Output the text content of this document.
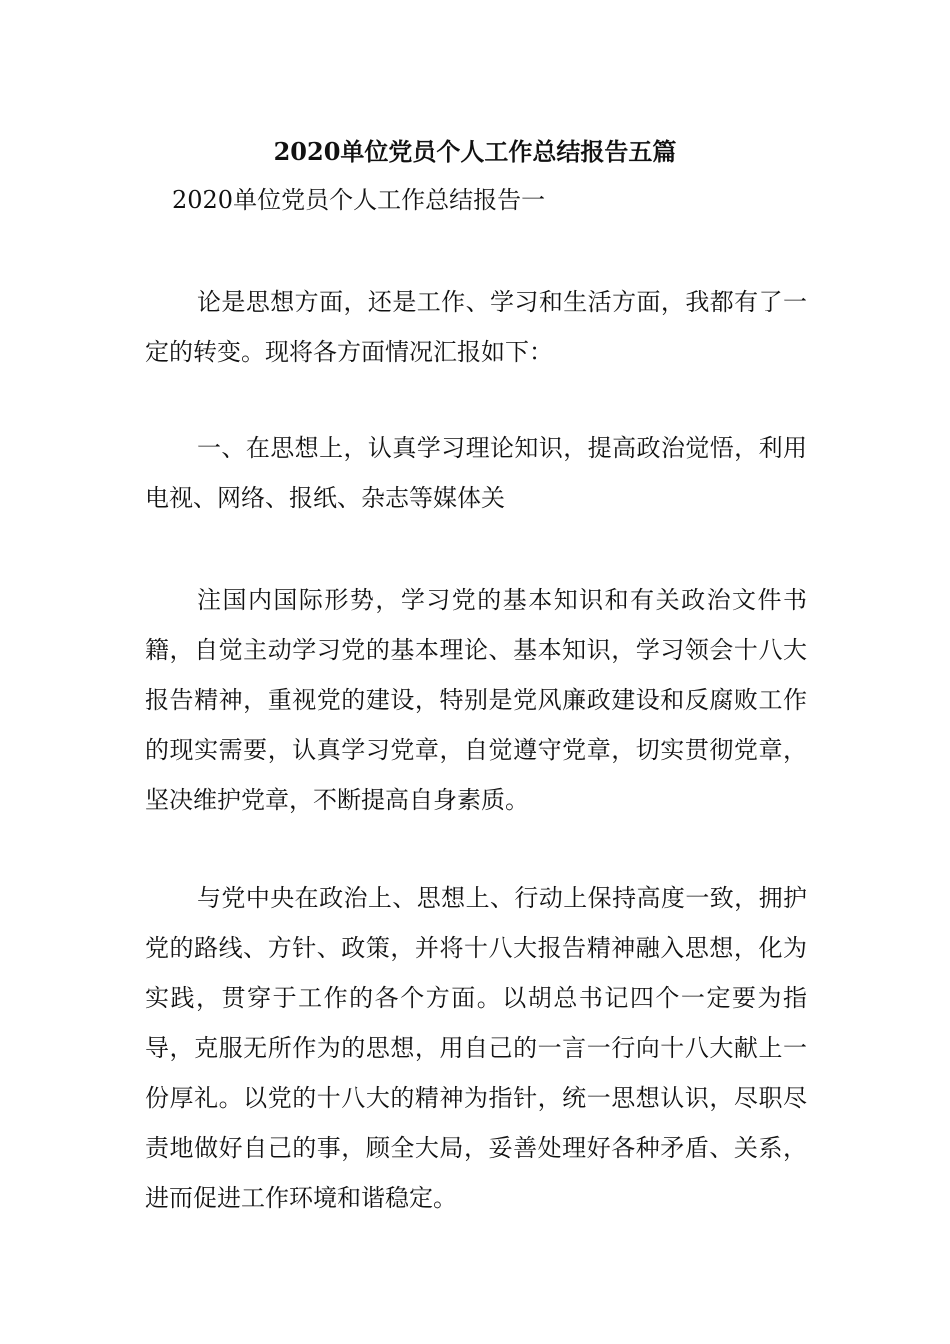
2020单位党员个人工作总结报告五篇

2020单位党员个人工作总结报告一

论是思想方面，还是工作、学习和生活方面，我都有了一定的转变。现将各方面情况汇报如下：

一、在思想上，认真学习理论知识，提高政治觉悟，利用电视、网络、报纸、杂志等媒体关

注国内国际形势，学习党的基本知识和有关政治文件书籍，自觉主动学习党的基本理论、基本知识，学习领会十八大报告精神，重视党的建设，特别是党风廉政建设和反腐败工作的现实需要，认真学习党章，自觉遵守党章，切实贯彻党章，坚决维护党章，不断提高自身素质。

与党中央在政治上、思想上、行动上保持高度一致，拥护党的路线、方针、政策，并将十八大报告精神融入思想，化为实践，贯穿于工作的各个方面。以胡总书记四个一定要为指导，克服无所作为的思想，用自己的一言一行向十八大献上一份厚礼。以党的十八大的精神为指针，统一思想认识，尽职尽责地做好自己的事，顾全大局，妥善处理好各种矛盾、关系，进而促进工作环境和谐稳定。
